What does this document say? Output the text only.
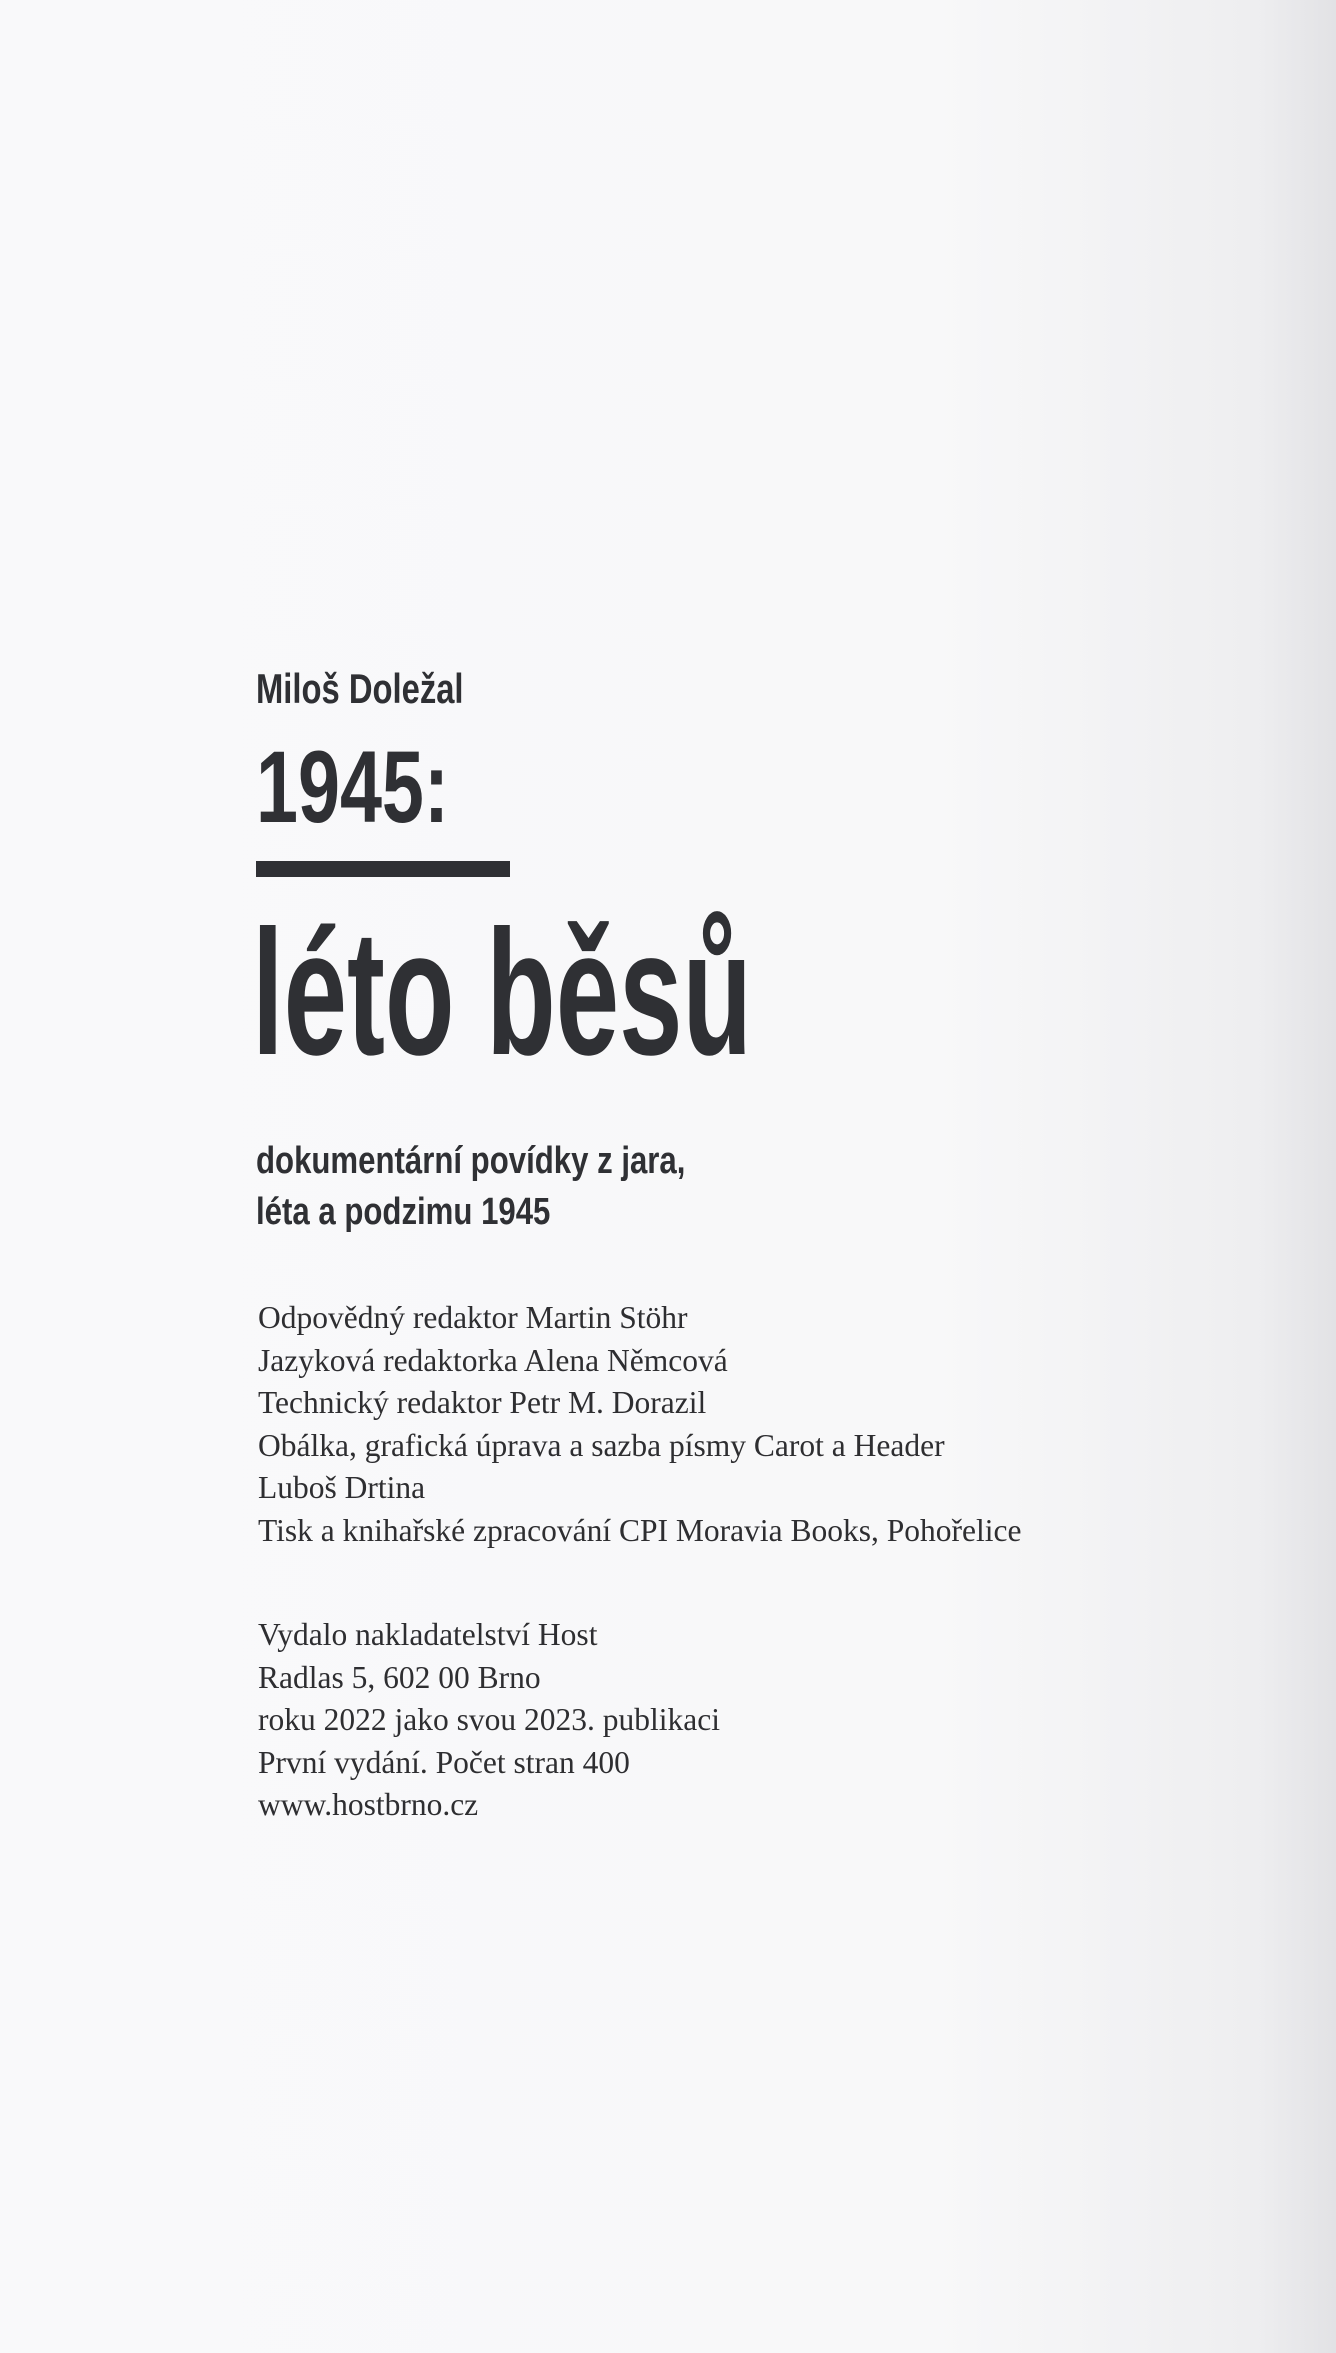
Miloš Doležal
1945:
léto běsů
dokumentární povídky z jara,
léta a podzimu 1945
Odpovědný redaktor Martin Stöhr
Jazyková redaktorka Alena Němcová
Technický redaktor Petr M. Dorazil
Obálka, grafická úprava a sazba písmy Carot a Header
Luboš Drtina
Tisk a knihařské zpracování CPI Moravia Books, Pohořelice
Vydalo nakladatelství Host
Radlas 5, 602 00 Brno
roku 2022 jako svou 2023. publikaci
První vydání. Počet stran 400
www.hostbrno.cz
